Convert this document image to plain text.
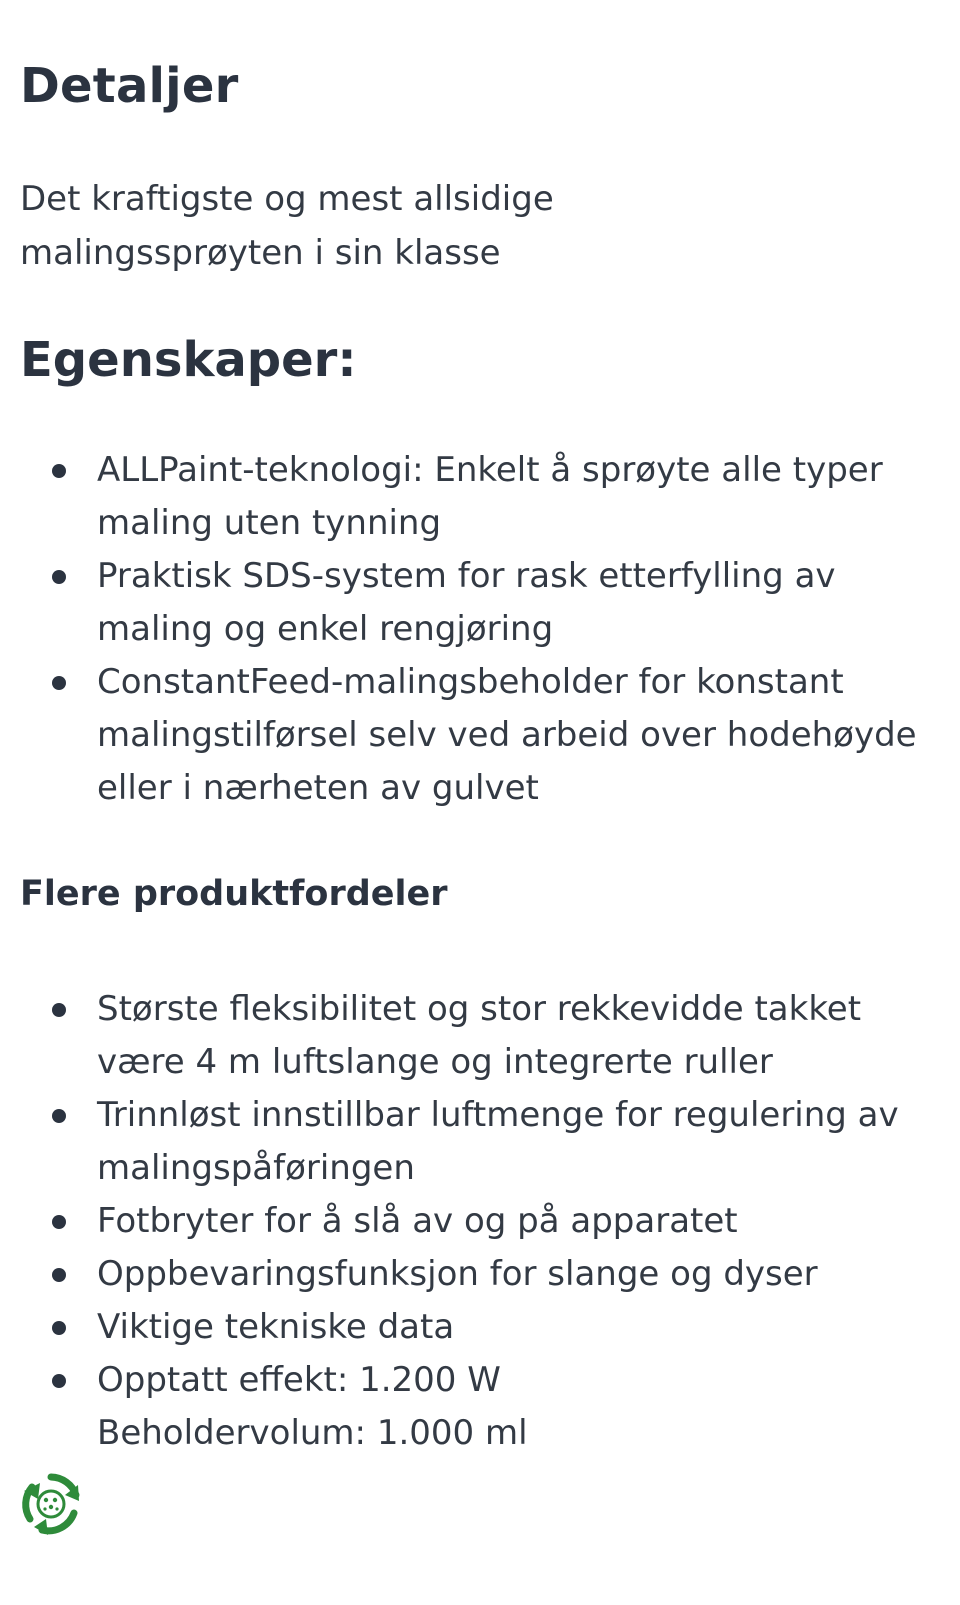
Detaljer

Det kraftigste og mest allsidige malingssprøyten i sin klasse

Egenskaper:
ALLPaint-teknologi: Enkelt å sprøyte alle typer maling uten tynning
Praktisk SDS-system for rask etterfylling av maling og enkel rengjøring
ConstantFeed-malingsbeholder for konstant malingstilførsel selv ved arbeid over hodehøyde eller i nærheten av gulvet
Flere produktfordeler
Største fleksibilitet og stor rekkevidde takket være 4 m luftslange og integrerte ruller
Trinnløst innstillbar luftmenge for regulering av malingspåføringen
Fotbryter for å slå av og på apparatet
Oppbevaringsfunksjon for slange og dyser
Viktige tekniske data
Opptatt effekt: 1.200 W
Beholdervolum: 1.000 ml
